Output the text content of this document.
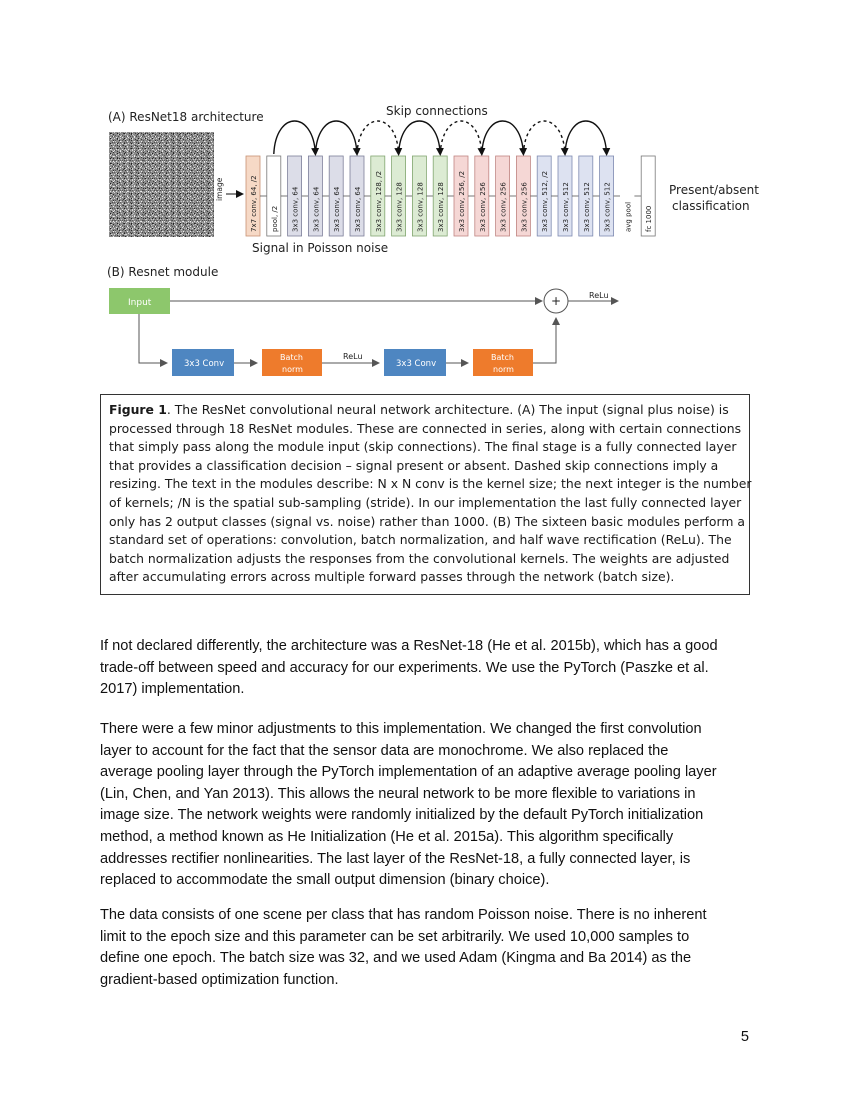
(A) ResNet18 architecture	Skip connections
image	7x7 conv, 64, /2 pool, /2 3x3 conv, 64 3x3 conv, 64 3x3 conv, 64 3x3 conv, 64 3x3 conv, 128, /2 3x3 conv, 128 3x3 conv, 128 3x3 conv, 128 3x3 conv, 256, /2 3x3 conv, 256 3x3 conv, 256 3x3 conv, 256 3x3 conv, 512, /2 3x3 conv, 512 3x3 conv, 512 3x3 conv, 512 avg pool fc 1000
Present/absent
classification
Signal in Poisson noise
(B) Resnet module
Input	+	ReLu
3x3 Conv
Batch
norm
ReLu
3x3 Conv
Batch
norm
Figure 1. The ResNet convolutional neural network architecture. (A) The input (signal plus noise) is
processed through 18 ResNet modules. These are connected in series, along with certain connections
that simply pass along the module input (skip connections). The final stage is a fully connected layer
that provides a classification decision – signal present or absent. Dashed skip connections imply a
resizing. The text in the modules describe: N x N conv is the kernel size; the next integer is the number
of kernels; /N is the spatial sub-sampling (stride). In our implementation the last fully connected layer
only has 2 output classes (signal vs. noise) rather than 1000. (B) The sixteen basic modules perform a
standard set of operations: convolution, batch normalization, and half wave rectification (ReLu). The
batch normalization adjusts the responses from the convolutional kernels. The weights are adjusted
after accumulating errors across multiple forward passes through the network (batch size).
If not declared differently, the architecture was a ResNet-18 (He et al. 2015b), which has a good
trade-off between speed and accuracy for our experiments. We use the PyTorch (Paszke et al.
2017) implementation.
There were a few minor adjustments to this implementation. We changed the first convolution
layer to account for the fact that the sensor data are monochrome. We also replaced the
average pooling layer through the PyTorch implementation of an adaptive average pooling layer
(Lin, Chen, and Yan 2013). This allows the neural network to be more flexible to variations in
image size. The network weights were randomly initialized by the default PyTorch initialization
method, a method known as He Initialization (He et al. 2015a). This algorithm specifically
addresses rectifier nonlinearities. The last layer of the ResNet-18, a fully connected layer, is
replaced to accommodate the small output dimension (binary choice).
The data consists of one scene per class that has random Poisson noise. There is no inherent
limit to the epoch size and this parameter can be set arbitrarily. We used 10,000 samples to
define one epoch. The batch size was 32, and we used Adam (Kingma and Ba 2014) as the
gradient-based optimization function.
5
